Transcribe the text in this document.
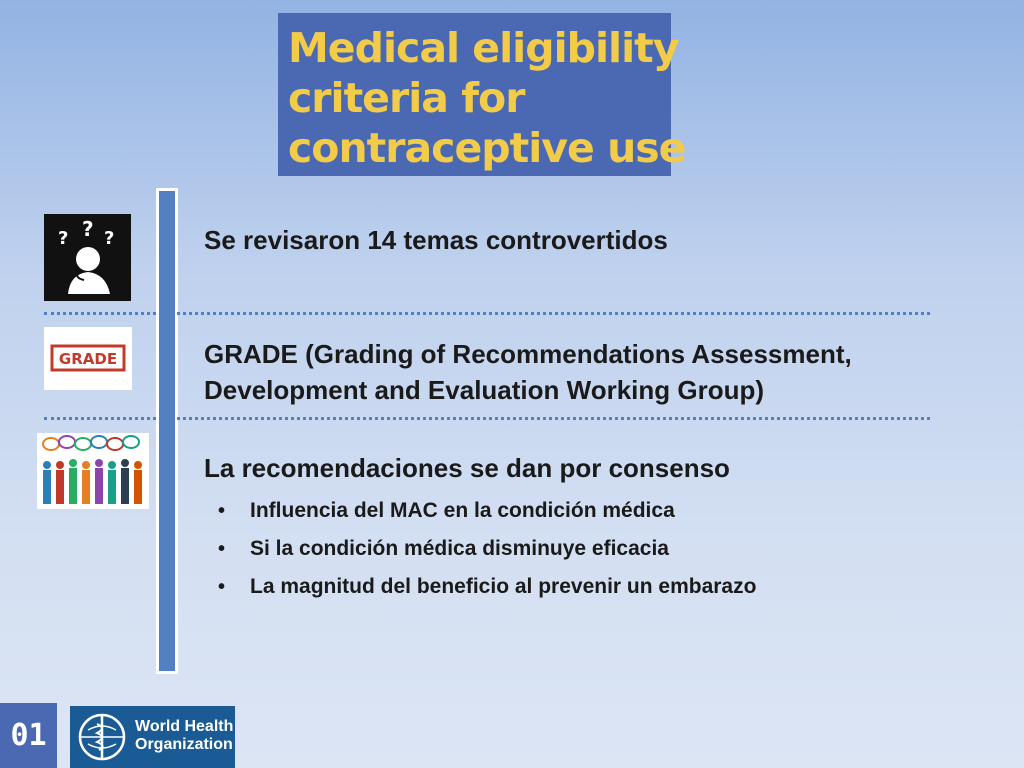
Medical eligibility
criteria for
contraceptive use
? ? ?	Se revisaron 14 temas controvertidos
GRADE	GRADE (Grading of Recommendations Assessment,
Development and Evaluation Working Group)
La recomendaciones se dan por consenso
• Influencia del MAC en la condición médica
• Si la condición médica disminuye eficacia
• La magnitud del beneficio al prevenir un embarazo
01	World Health
Organization
